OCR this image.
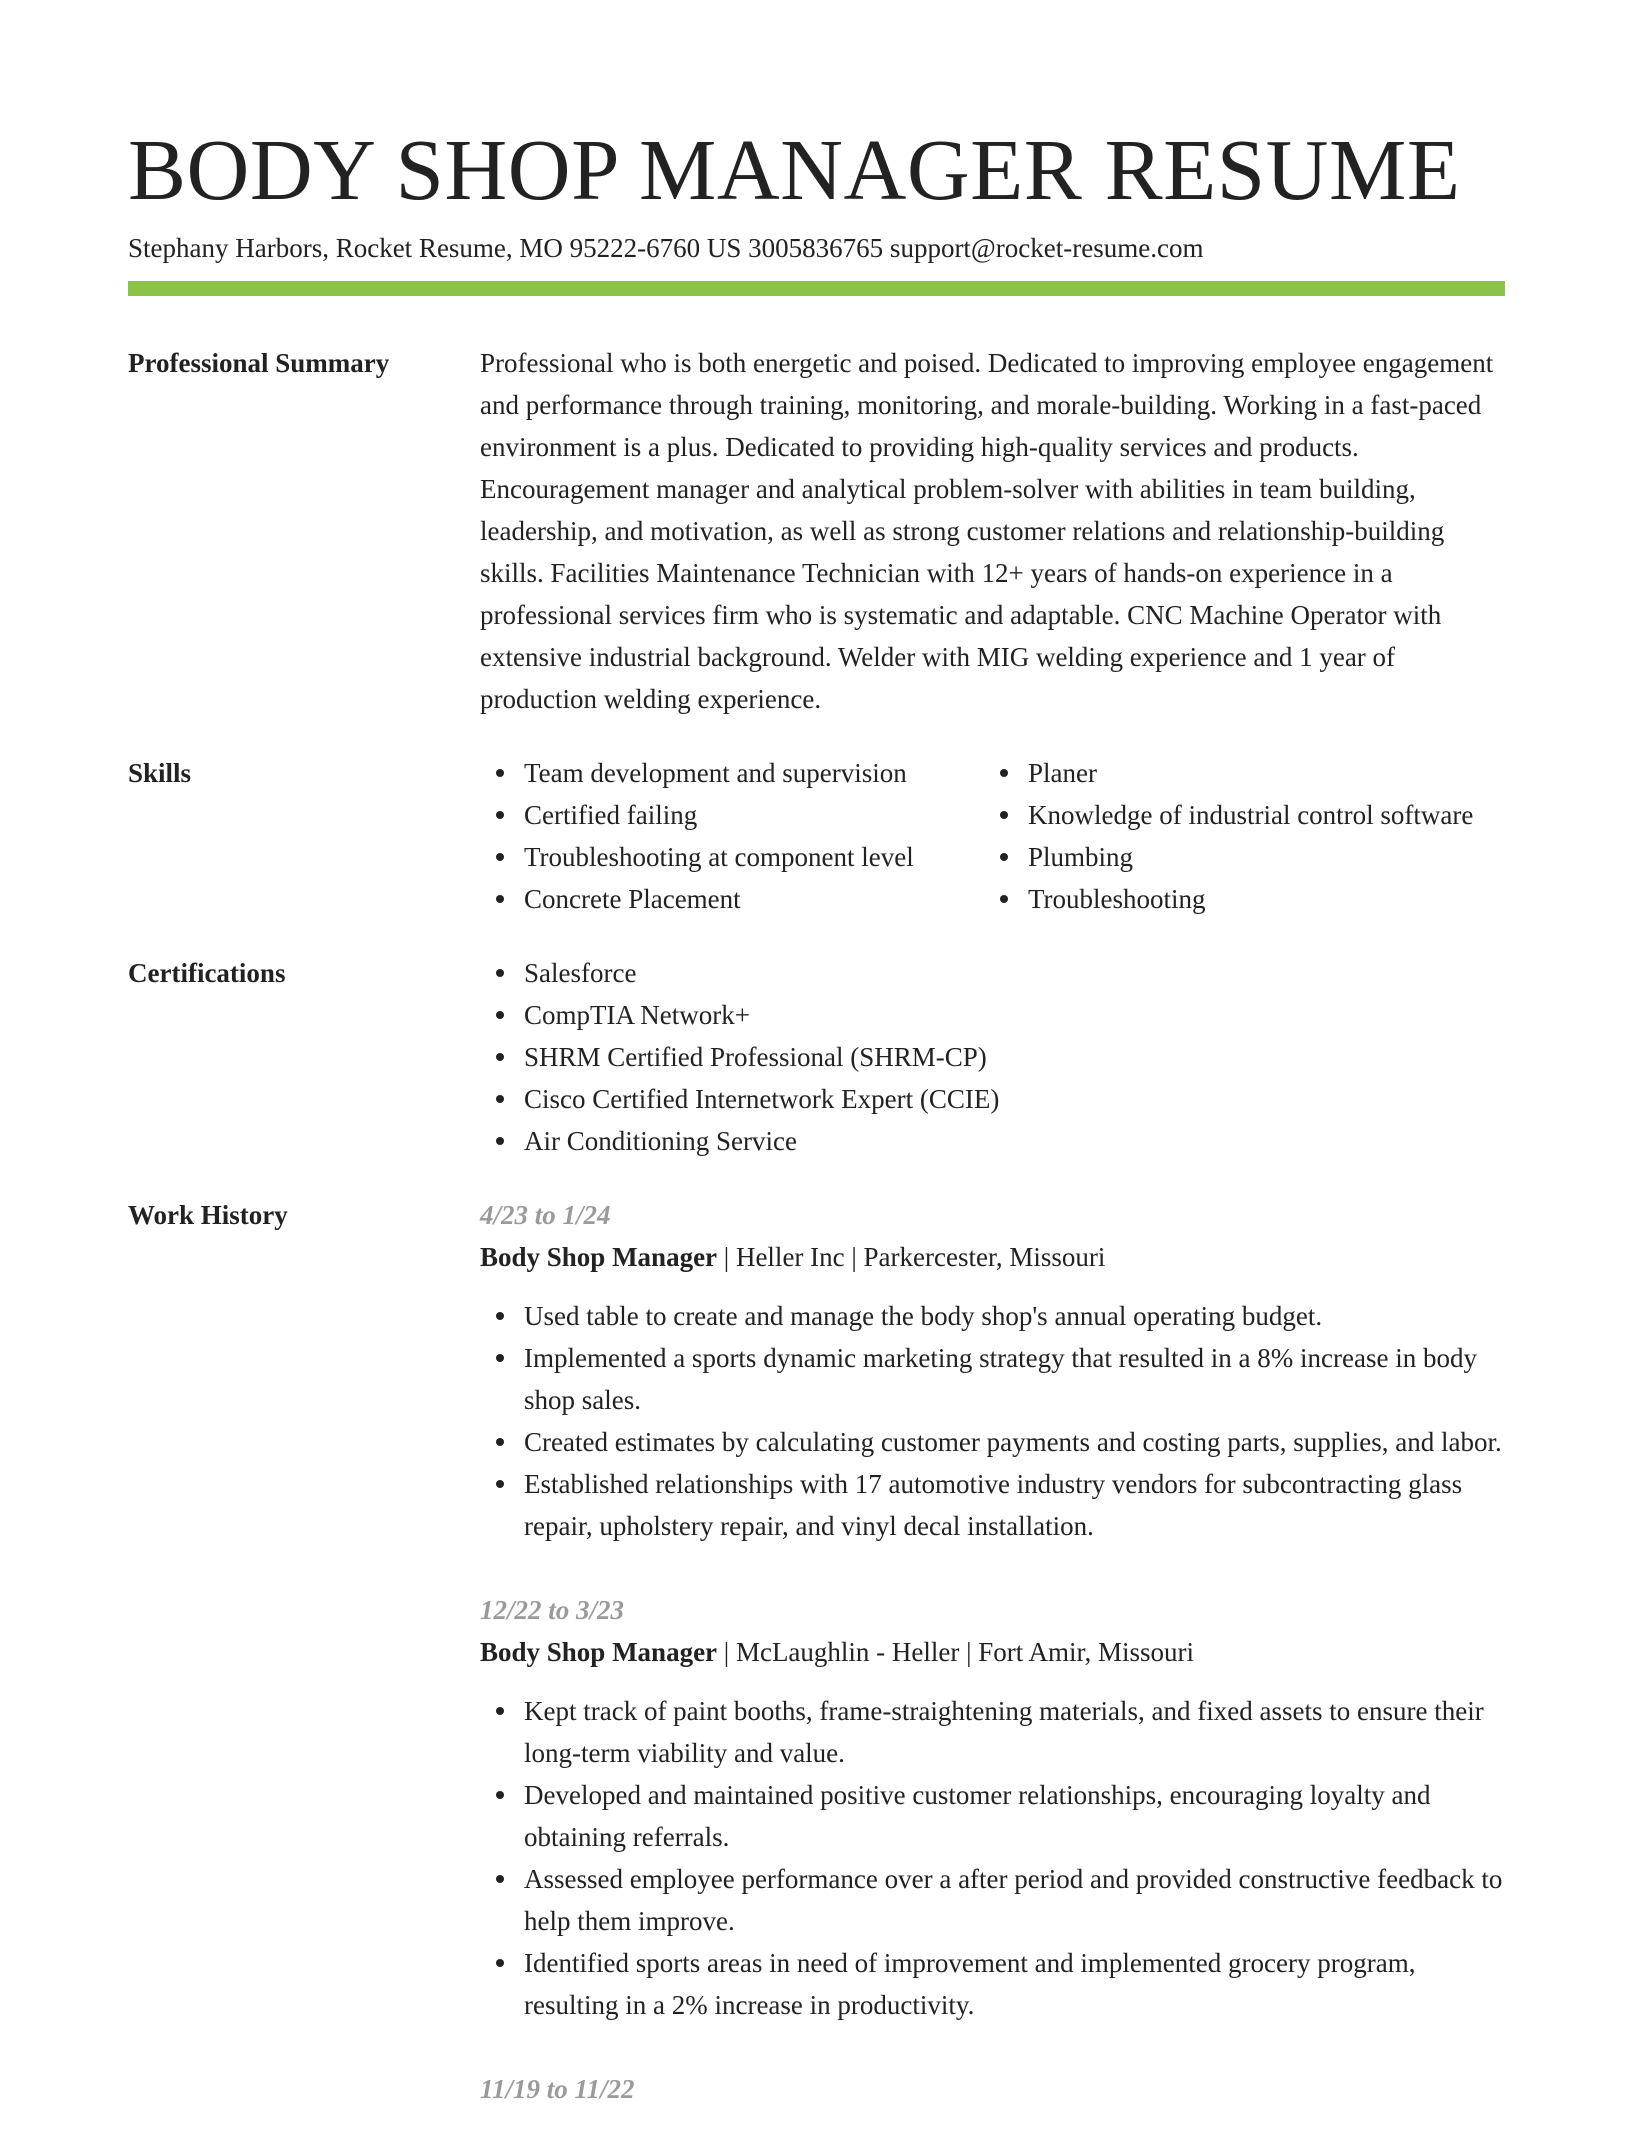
BODY SHOP MANAGER RESUME
Stephany Harbors, Rocket Resume, MO 95222-6760 US 3005836765 support@rocket-resume.com
Professional Summary	Professional who is both energetic and poised. Dedicated to improving employee engagement and performance through training, monitoring, and morale-building. Working in a fast-paced environment is a plus. Dedicated to providing high-quality services and products. Encouragement manager and analytical problem-solver with abilities in team building, leadership, and motivation, as well as strong customer relations and relationship-building skills. Facilities Maintenance Technician with 12+ years of hands-on experience in a professional services firm who is systematic and adaptable. CNC Machine Operator with extensive industrial background. Welder with MIG welding experience and 1 year of production welding experience.
Skills	Team development and supervision
Certified failing
Troubleshooting at component level
Concrete Placement
Planer
Knowledge of industrial control software
Plumbing
Troubleshooting
Certifications	Salesforce
CompTIA Network+
SHRM Certified Professional (SHRM-CP)
Cisco Certified Internetwork Expert (CCIE)
Air Conditioning Service
Work History	4/23 to 1/24
Body Shop Manager | Heller Inc | Parkercester, Missouri
Used table to create and manage the body shop's annual operating budget.
Implemented a sports dynamic marketing strategy that resulted in a 8% increase in body shop sales.
Created estimates by calculating customer payments and costing parts, supplies, and labor.
Established relationships with 17 automotive industry vendors for subcontracting glass repair, upholstery repair, and vinyl decal installation.
12/22 to 3/23
Body Shop Manager | McLaughlin - Heller | Fort Amir, Missouri
Kept track of paint booths, frame-straightening materials, and fixed assets to ensure their long-term viability and value.
Developed and maintained positive customer relationships, encouraging loyalty and obtaining referrals.
Assessed employee performance over a after period and provided constructive feedback to help them improve.
Identified sports areas in need of improvement and implemented grocery program, resulting in a 2% increase in productivity.
11/19 to 11/22
